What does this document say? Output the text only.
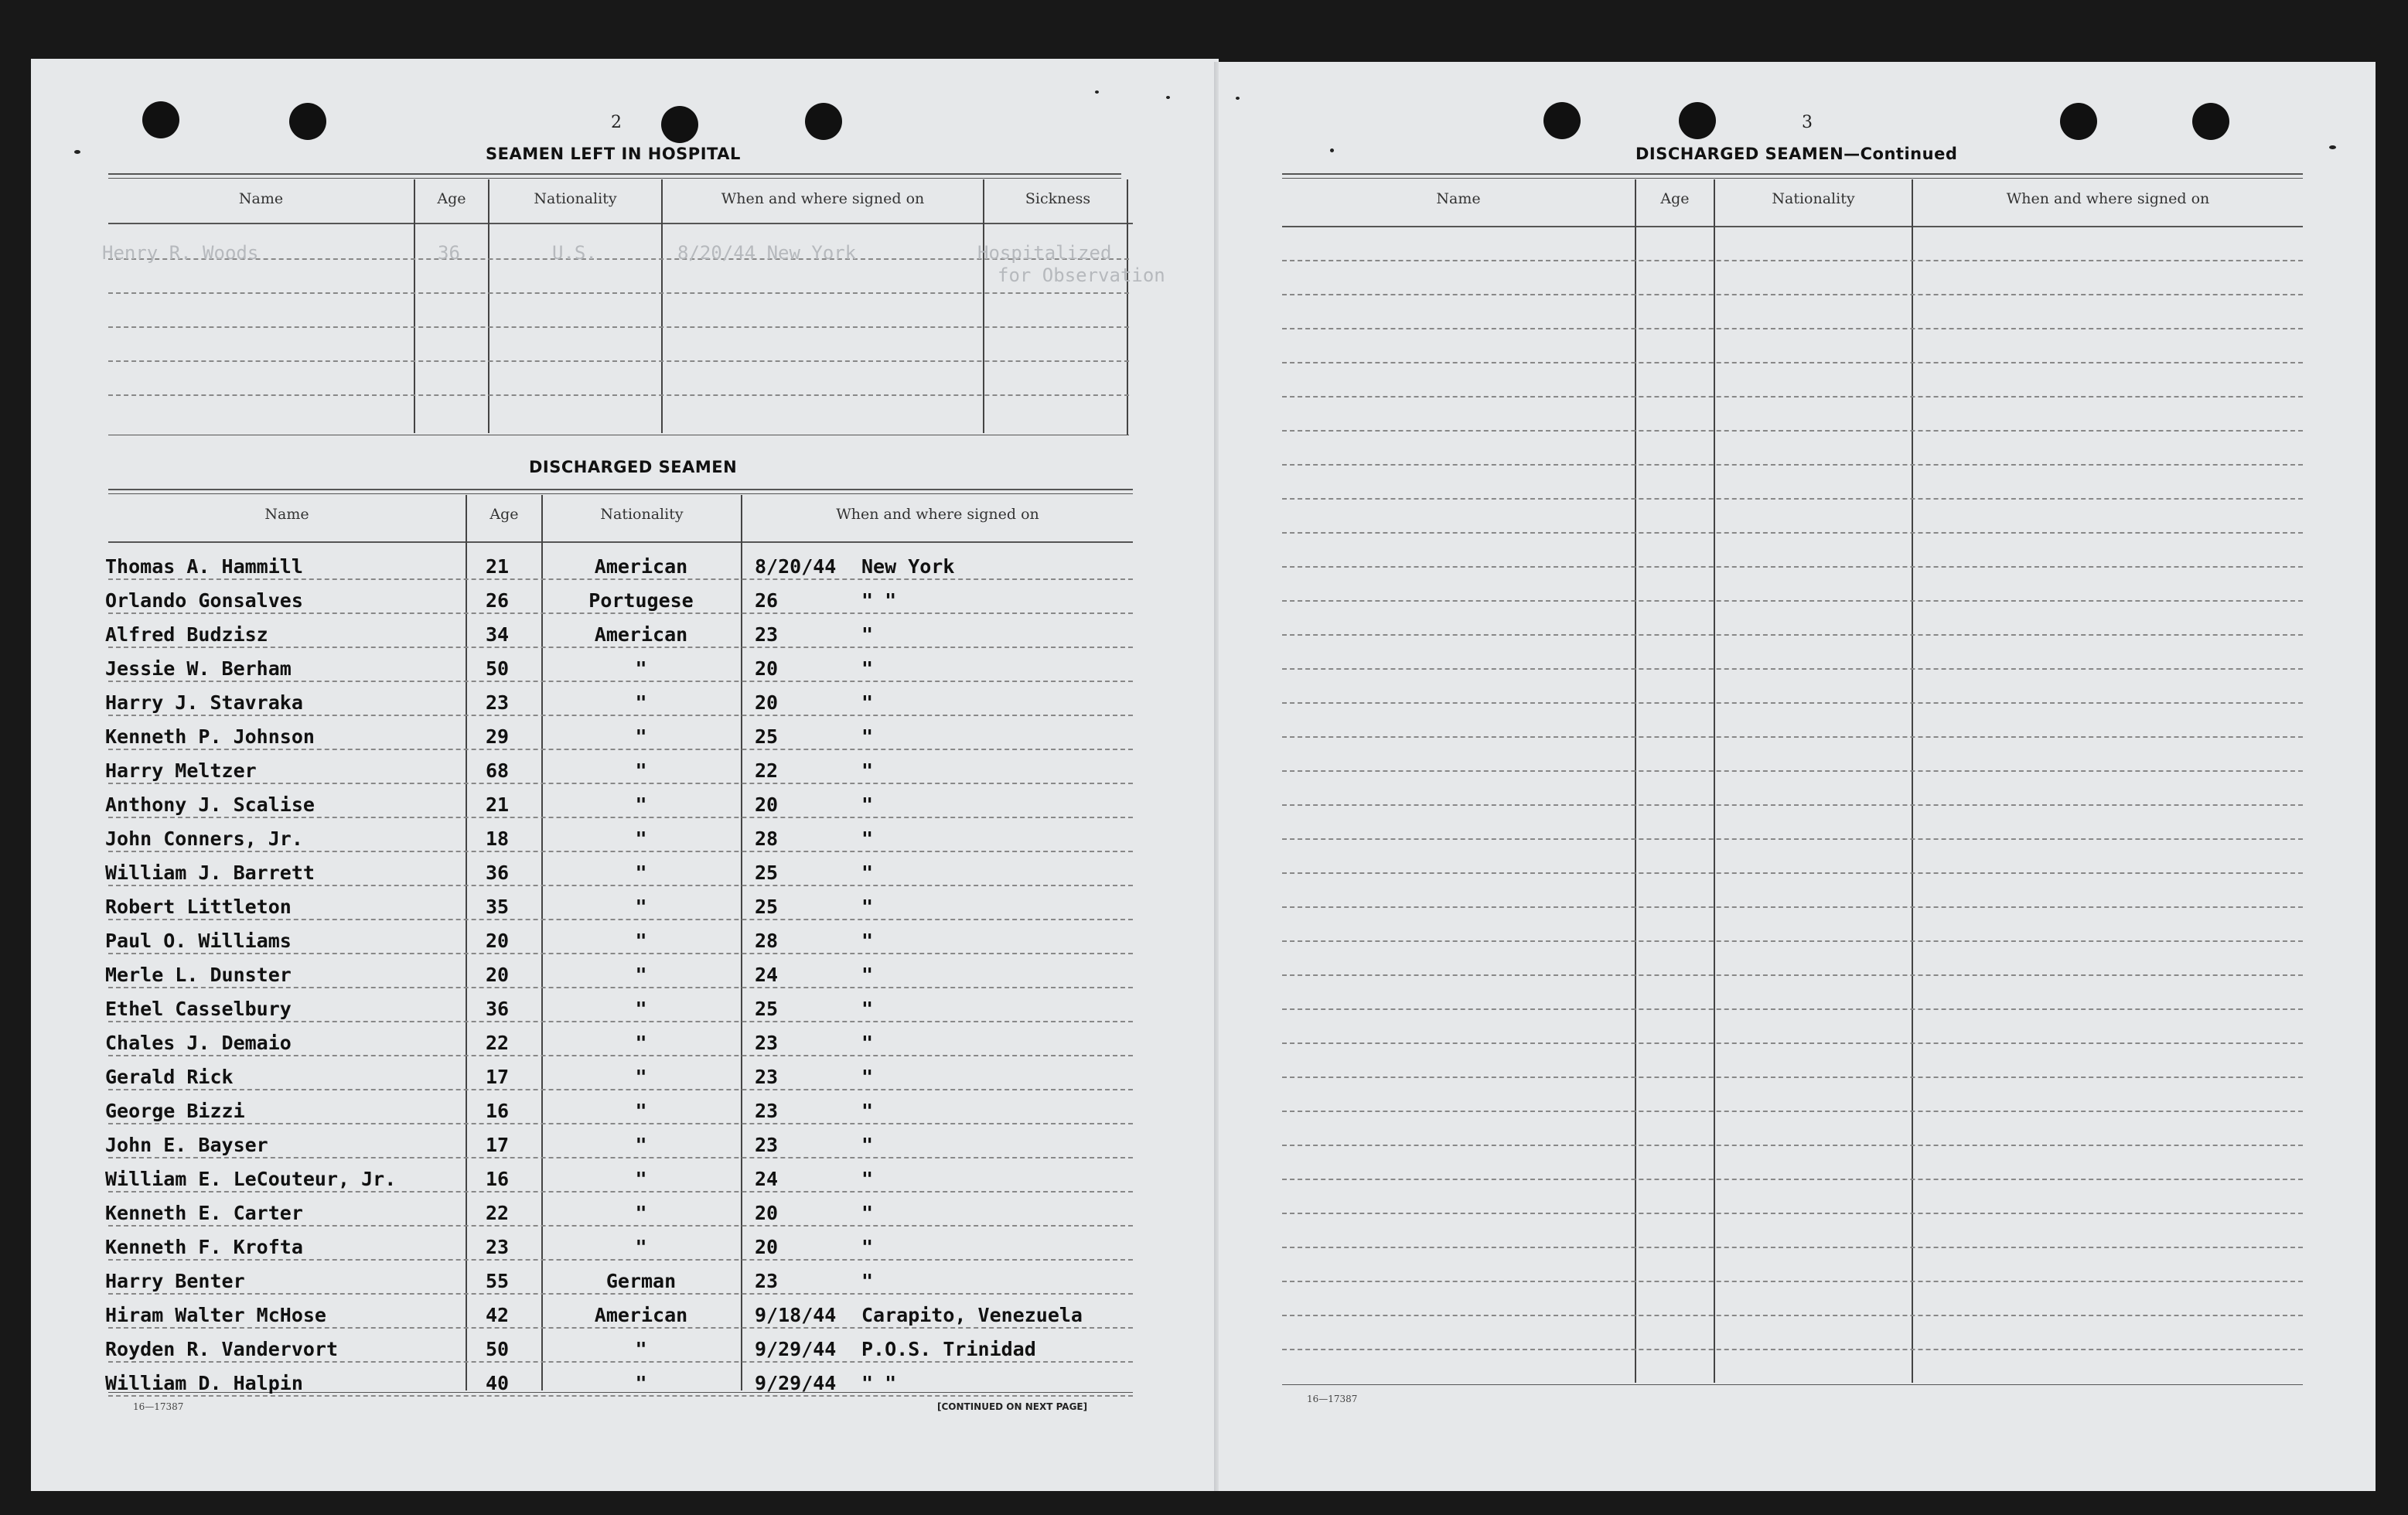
2
SEAMEN LEFT IN HOSPITAL
Name	Age	Nationality	When and where signed on	Sickness
Henry R. Woods	36	U.S.	8/20/44 New York	Hospitalized
for Observation
DISCHARGED SEAMEN
Name	Age	Nationality	When and where signed on
Thomas A. Hammill	21	American	8/20/44 New York
Orlando Gonsalves	26	Portugese	26	" "
Alfred Budzisz	34	American	23	"
Jessie W. Berham	50	"	20	"
Harry J. Stavraka	23	"	20	"
Kenneth P. Johnson	29	"	25	"
Harry Meltzer	68	"	22	"
Anthony J. Scalise	21	"	20	"
John Conners, Jr.	18	"	28	"
William J. Barrett	36	"	25	"
Robert Littleton	35	"	25	"
Paul O. Williams	20	"	28	"
Merle L. Dunster	20	"	24	"
Ethel Casselbury	36	"	25	"
Chales J. Demaio	22	"	23	"
Gerald Rick	17	"	23	"
George Bizzi	16	"	23	"
John E. Bayser	17	"	23	"
William E. LeCouteur, Jr.	16	"	24	"
Kenneth E. Carter	22	"	20	"
Kenneth F. Krofta	23	"	20	"
Harry Benter	55	German	23	"
Hiram Walter McHose	42	American	9/18/44 Carapito, Venezuela
Royden R. Vandervort	50	"	9/29/44 P.O.S. Trinidad
William D. Halpin	40	"	9/29/44 " "
16—17387	[CONTINUED ON NEXT PAGE]
3
DISCHARGED SEAMEN—Continued
Name	Age	Nationality	When and where signed on
16—17387
